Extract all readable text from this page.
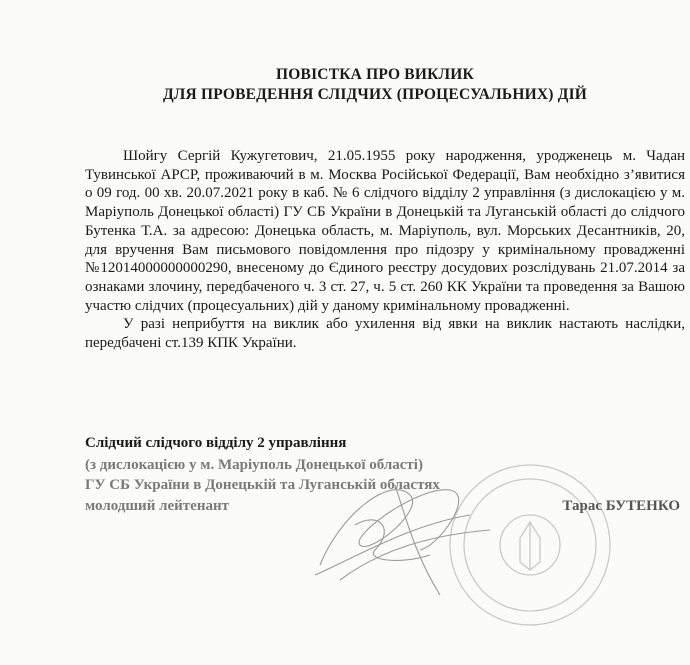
ПОВІСТКА ПРО ВИКЛИК
ДЛЯ ПРОВЕДЕННЯ СЛІДЧИХ (ПРОЦЕСУАЛЬНИХ) ДІЙ

Шойгу Сергій Кужугетович, 21.05.1955 року народження, уродженець м. Чадан Тувинської АРСР, проживаючий в м. Москва Російської Федерації, Вам необхідно з’явитися о 09 год. 00 хв. 20.07.2021 року в каб. № 6 слідчого відділу 2 управління (з дислокацією у м. Маріуполь Донецької області) ГУ СБ України в Донецькій та Луганській області до слідчого Бутенка Т.А. за адресою: Донецька область, м. Маріуполь, вул. Морських Десантників, 20, для вручення Вам письмового повідомлення про підозру у кримінальному провадженні №12014000000000290, внесеному до Єдиного реєстру досудових розслідувань 21.07.2014 за ознаками злочину, передбаченого ч. 3 ст. 27, ч. 5 ст. 260 КК України та проведення за Вашою участю слідчих (процесуальних) дій у даному кримінальному провадженні.

У разі неприбуття на виклик або ухилення від явки на виклик настають наслідки, передбачені ст.139 КПК України.

Слідчий слідчого відділу 2 управління
(з дислокацією у м. Маріуполь Донецької області)
ГУ СБ України в Донецькій та Луганській областях
молодший лейтенант	Тарас БУТЕНКО
